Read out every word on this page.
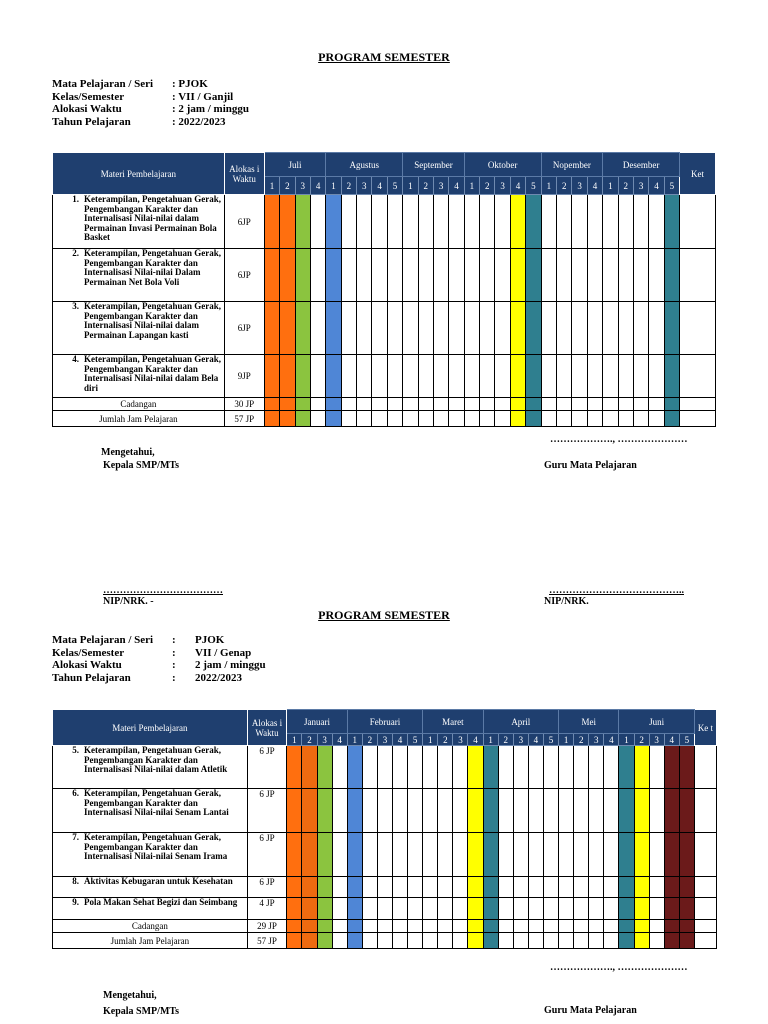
PROGRAM SEMESTER
Mata Pelajaran / Seri	: PJOK
Kelas/Semester	: VII / Ganjil
Alokasi Waktu	: 2 jam / minggu
Tahun Pelajaran	: 2022/2023
Materi Pembelajaran	Alokas i Waktu	Juli				Agustus					September				Oktober					Nopember				Desember					Ket
		1	2	3	4	1	2	3	4	5	1	2	3	4	1	2	3	4	5	1	2	3	4	1	2	3	4	5	

1. Keterampilan, Pengetahuan Gerak, Pengembangan Karakter dan Internalisasi Nilai-nilai dalam Permainan Invasi Permainan Bola Basket	6JP																												

2. Keterampilan, Pengetahuan Gerak, Pengembangan Karakter dan Internalisasi Nilai-nilai Dalam Permainan Net Bola Voli	6JP																												

3. Keterampilan, Pengetahuan Gerak, Pengembangan Karakter dan Internalisasi Nilai-nilai dalam Permainan Lapangan kasti	6JP																												

4. Keterampilan, Pengetahuan Gerak, Pengembangan Karakter dan Internalisasi Nilai-nilai dalam Bela diri	9JP																												
Cadangan	30 JP																												
Jumlah Jam Pelajaran	57 JP																												
………………., …………………
Mengetahui,
Kepala SMP/MTs	Guru Mata Pelajaran
………………………………
NIP/NRK. -
…………………………………..
NIP/NRK.
PROGRAM SEMESTER
Mata Pelajaran / Seri	:	PJOK
Kelas/Semester	:	VII / Genap
Alokasi Waktu	:	2 jam / minggu
Tahun Pelajaran	:	2022/2023
Materi Pembelajaran	Alokas i Waktu	Januari				Februari					Maret				April					Mei				Juni					Ke t
		1	2	3	4	1	2	3	4	5	1	2	3	4	1	2	3	4	5	1	2	3	4	1	2	3	4	5	

5. Keterampilan, Pengetahuan Gerak, Pengembangan Karakter dan Internalisasi Nilai-nilai dalam Atletik	6 JP																												

6. Keterampilan, Pengetahuan Gerak, Pengembangan Karakter dan Internalisasi Nilai-nilai Senam Lantai	6 JP																												

7. Keterampilan, Pengetahuan Gerak, Pengembangan Karakter dan Internalisasi Nilai-nilai Senam Irama	6 JP																												

8. Aktivitas Kebugaran untuk Kesehatan	6 JP																												

9. Pola Makan Sehat Begizi dan Seimbang	4 JP																												
Cadangan	29 JP																												
Jumlah Jam Pelajaran	57 JP																												
………………., …………………
Mengetahui,
Kepala SMP/MTs	Guru Mata Pelajaran
